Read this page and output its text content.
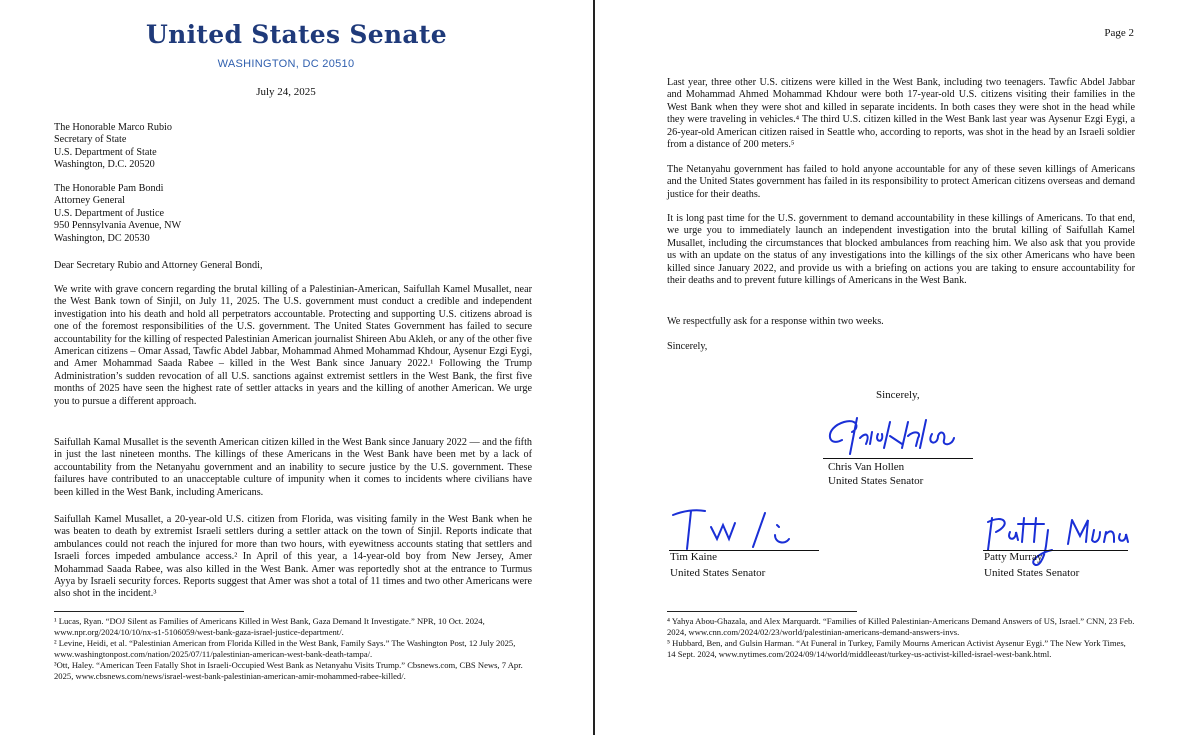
United States Senate
WASHINGTON, DC 20510
July 24, 2025
The Honorable Marco Rubio
Secretary of State
U.S. Department of State
Washington, D.C. 20520
The Honorable Pam Bondi
Attorney General
U.S. Department of Justice
950 Pennsylvania Avenue, NW
Washington, DC 20530
Dear Secretary Rubio and Attorney General Bondi,

We write with grave concern regarding the brutal killing of a Palestinian-American, Saifullah Kamel Musallet, near the West Bank town of Sinjil, on July 11, 2025. The U.S. government must conduct a credible and independent investigation into his death and hold all perpetrators accountable. Protecting and supporting U.S. citizens abroad is one of the foremost responsibilities of the U.S. government. The United States Government has failed to secure accountability for the killing of respected Palestinian American journalist Shireen Abu Akleh, or any of the other five American citizens – Omar Assad, Tawfic Abdel Jabbar, Mohammad Ahmed Mohammad Khdour, Aysenur Ezgi Eygi, and Amer Mohammad Saada Rabee – killed in the West Bank since January 2022.¹ Following the Trump Administration’s sudden revocation of all U.S. sanctions against extremist settlers in the West Bank, the first five months of 2025 have seen the highest rate of settler attacks in years and the killing of another American. We urge you to pursue a different approach.

Saifullah Kamal Musallet is the seventh American citizen killed in the West Bank since January 2022 — and the fifth in just the last nineteen months. The killings of these Americans in the West Bank have been met by a lack of accountability from the Netanyahu government and an inability to secure justice by the U.S. government. These failures have contributed to an unacceptable culture of impunity when it comes to incidents where civilians have been killed in the West Bank, including Americans.

Saifullah Kamel Musallet, a 20-year-old U.S. citizen from Florida, was visiting family in the West Bank when he was beaten to death by extremist Israeli settlers during a settler attack on the town of Sinjil. Reports indicate that ambulances could not reach the injured for more than two hours, with eyewitness accounts stating that settlers and Israeli forces impeded ambulance access.² In April of this year, a 14-year-old boy from New Jersey, Amer Mohammad Saada Rabee, was also killed in the West Bank. Amer was reportedly shot at the entrance to Turmus Ayya by Israeli security forces. Reports suggest that Amer was shot a total of 11 times and two other Americans were also shot in the incident.³

¹ Lucas, Ryan. “DOJ Silent as Families of Americans Killed in West Bank, Gaza Demand It Investigate.” NPR, 10 Oct. 2024, www.npr.org/2024/10/10/nx-s1-5106059/west-bank-gaza-israel-justice-department/.
² Levine, Heidi, et al. “Palestinian American from Florida Killed in the West Bank, Family Says.” The Washington Post, 12 July 2025, www.washingtonpost.com/nation/2025/07/11/palestinian-american-west-bank-death-tampa/.
³Ott, Haley. “American Teen Fatally Shot in Israeli-Occupied West Bank as Netanyahu Visits Trump.” Cbsnews.com, CBS News, 7 Apr. 2025, www.cbsnews.com/news/israel-west-bank-palestinian-american-amir-mohammed-rabee-killed/.
Page 2

Last year, three other U.S. citizens were killed in the West Bank, including two teenagers. Tawfic Abdel Jabbar and Mohammad Ahmed Mohammad Khdour were both 17-year-old U.S. citizens visiting their families in the West Bank when they were shot and killed in separate incidents. In both cases they were shot in the head while they were traveling in vehicles.⁴ The third U.S. citizen killed in the West Bank last year was Aysenur Ezgi Eygi, a 26-year-old American citizen raised in Seattle who, according to reports, was shot in the head by an Israeli soldier from a distance of 200 meters.⁵

The Netanyahu government has failed to hold anyone accountable for any of these seven killings of Americans and the United States government has failed in its responsibility to protect American citizens overseas and demand justice for their deaths.

It is long past time for the U.S. government to demand accountability in these killings of Americans. To that end, we urge you to immediately launch an independent investigation into the brutal killing of Saifullah Kamel Musallet, including the circumstances that blocked ambulances from reaching him. We also ask that you provide us with an update on the status of any investigations into the killings of the six other Americans who have been killed since January 2022, and provide us with a briefing on actions you are taking to ensure accountability for their deaths and to prevent future killings of Americans in the West Bank.

We respectfully ask for a response within two weeks.

Sincerely,

Sincerely,
Chris Van Hollen
United States Senator
Tim Kaine
United States Senator
Patty Murray
United States Senator
⁴ Yahya Abou-Ghazala, and Alex Marquardt. “Families of Killed Palestinian-Americans Demand Answers of US, Israel.” CNN, 23 Feb. 2024, www.cnn.com/2024/02/23/world/palestinian-americans-demand-answers-invs.
⁵ Hubbard, Ben, and Gulsin Harman. “At Funeral in Turkey, Family Mourns American Activist Aysenur Eygi.” The New York Times, 14 Sept. 2024, www.nytimes.com/2024/09/14/world/middleeast/turkey-us-activist-killed-israel-west-bank.html.
